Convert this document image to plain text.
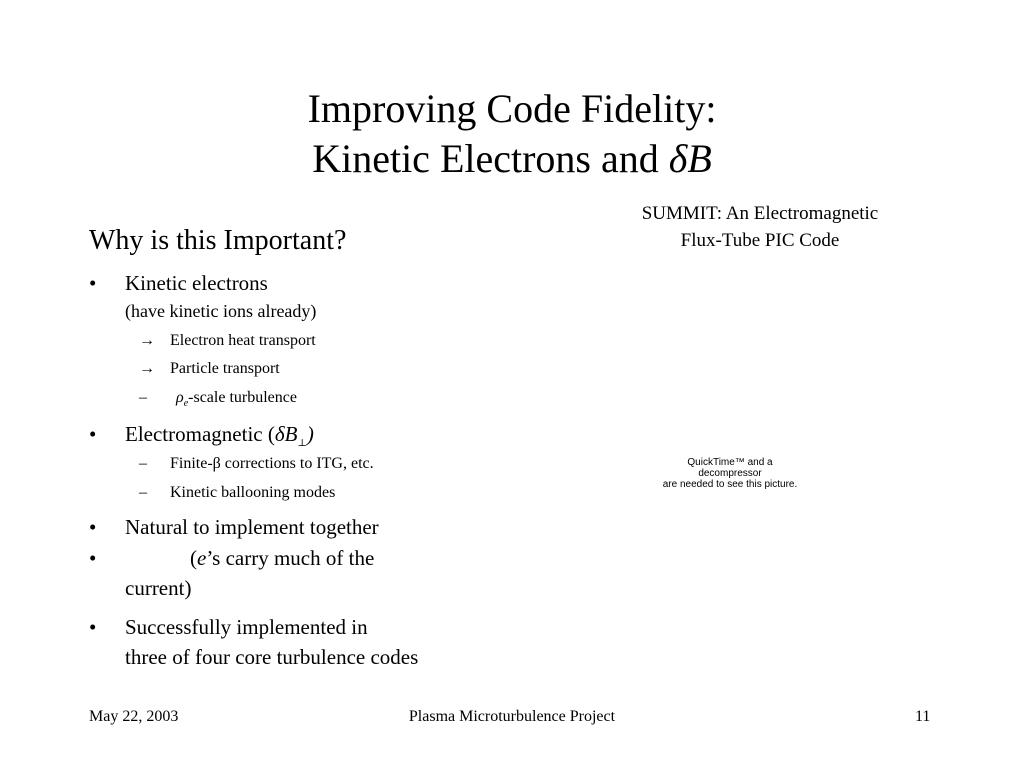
Improving Code Fidelity:
Kinetic Electrons and δB
SUMMIT: An Electromagnetic
Flux-Tube PIC Code
QuickTime™ and a
decompressor
are needed to see this picture.
Why is this Important?
• Kinetic electrons
(have kinetic ions already)
→ Electron heat transport
→ Particle transport
– $\rho_e$-scale turbulence
• Electromagnetic $(\delta B_\perp)$
– Finite-β corrections to ITG, etc.
– Kinetic ballooning modes
• Natural to implement together
•	(e’s carry much of the
current)
• Successfully implemented in
three of four core turbulence codes
May 22, 2003	Plasma Microturbulence Project	11
